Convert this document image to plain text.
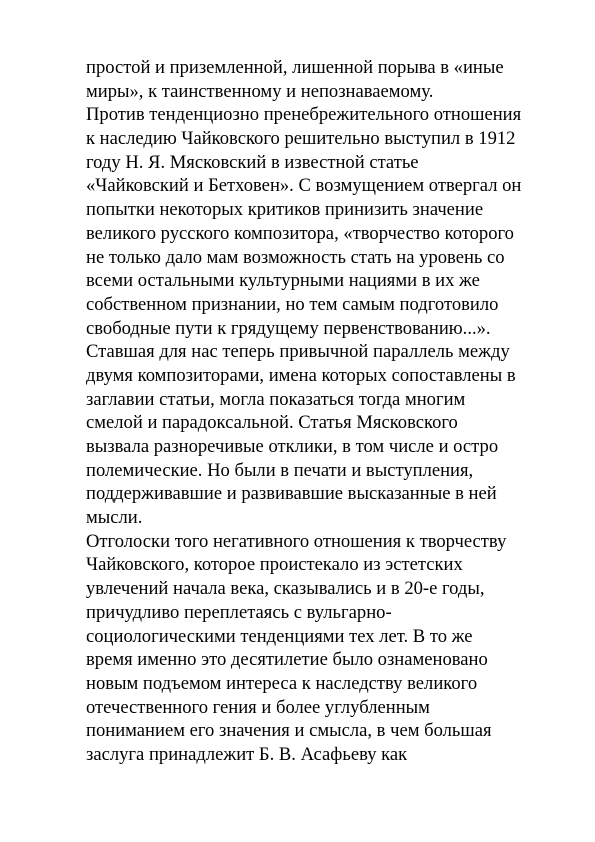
простой и приземленной, лишенной порыва в «иные
миры», к таинственному и непознаваемому.
Против тенденциозно пренебрежительного отношения
к наследию Чайковского решительно выступил в 1912
году Н. Я. Мясковский в известной статье
«Чайковский и Бетховен». С возмущением отвергал он
попытки некоторых критиков принизить значение
великого русского композитора, «творчество которого
не только дало мам возможность стать на уровень со
всеми остальными культурными нациями в их же
собственном признании, но тем самым подготовило
свободные пути к грядущему первенствованию...».
Ставшая для нас теперь привычной параллель между
двумя композиторами, имена которых сопоставлены в
заглавии статьи, могла показаться тогда многим
смелой и парадоксальной. Статья Мясковского
вызвала разноречивые отклики, в том числе и остро
полемические. Но были в печати и выступления,
поддерживавшие и развивавшие высказанные в ней
мысли.
Отголоски того негативного отношения к творчеству
Чайковского, которое проистекало из эстетских
увлечений начала века, сказывались и в 20-е годы,
причудливо переплетаясь с вульгарно-
социологическими тенденциями тех лет. В то же
время именно это десятилетие было ознаменовано
новым подъемом интереса к наследству великого
отечественного гения и более углубленным
пониманием его значения и смысла, в чем большая
заслуга принадлежит Б. В. Асафьеву как
